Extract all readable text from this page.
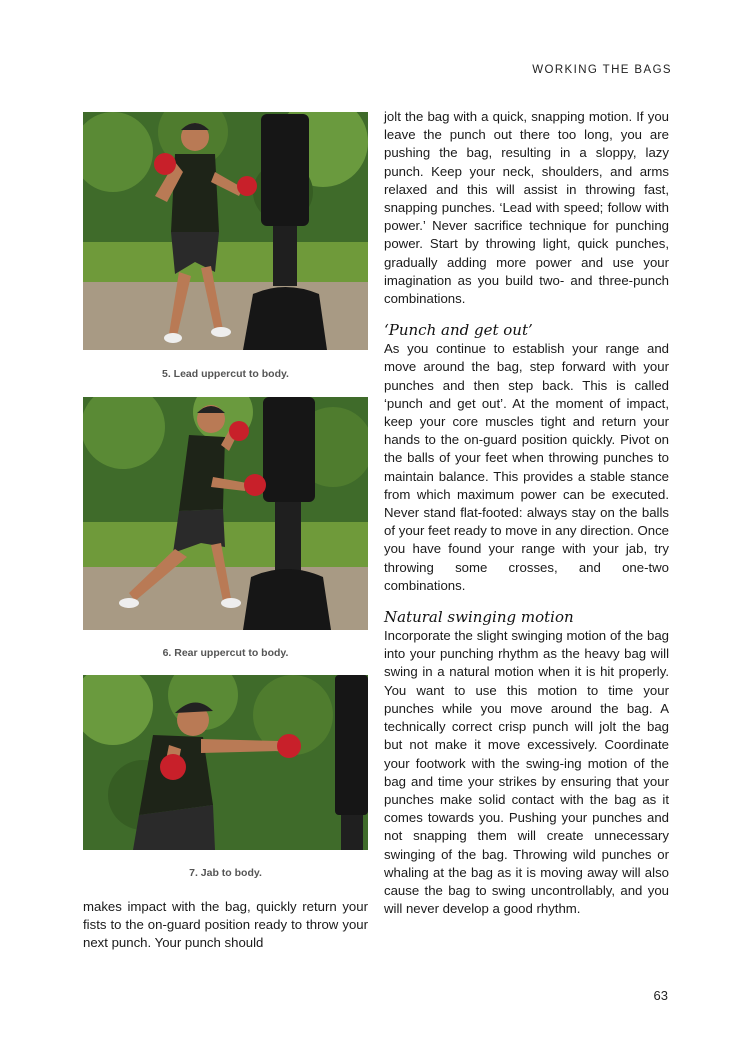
WORKING THE BAGS
5. Lead uppercut to body.
6. Rear uppercut to body.
7. Jab to body.
makes impact with the bag, quickly return your fists to the on-guard position ready to throw your next punch. Your punch should

jolt the bag with a quick, snapping motion. If you leave the punch out there too long, you are pushing the bag, resulting in a sloppy, lazy punch. Keep your neck, shoulders, and arms relaxed and this will assist in throwing fast, snapping punches. ‘Lead with speed; follow with power.’ Never sacrifice technique for punching power. Start by throwing light, quick punches, gradually adding more power and use your imagination as you build two- and three-punch combinations.

‘Punch and get out’

As you continue to establish your range and move around the bag, step forward with your punches and then step back. This is called ‘punch and get out’. At the moment of impact, keep your core muscles tight and return your hands to the on-guard position quickly. Pivot on the balls of your feet when throwing punches to maintain balance. This provides a stable stance from which maximum power can be executed. Never stand flat-footed: always stay on the balls of your feet ready to move in any direction. Once you have found your range with your jab, try throwing some crosses, and one-two combinations.

Natural swinging motion

Incorporate the slight swinging motion of the bag into your punching rhythm as the heavy bag will swing in a natural motion when it is hit properly. You want to use this motion to time your punches while you move around the bag. A technically correct crisp punch will jolt the bag but not make it move excessively. Coordinate your footwork with the swing-ing motion of the bag and time your strikes by ensuring that your punches make solid contact with the bag as it comes towards you. Pushing your punches and not snapping them will create unnecessary swinging of the bag. Throwing wild punches or whaling at the bag as it is moving away will also cause the bag to swing uncontrollably, and you will never develop a good rhythm.

63
